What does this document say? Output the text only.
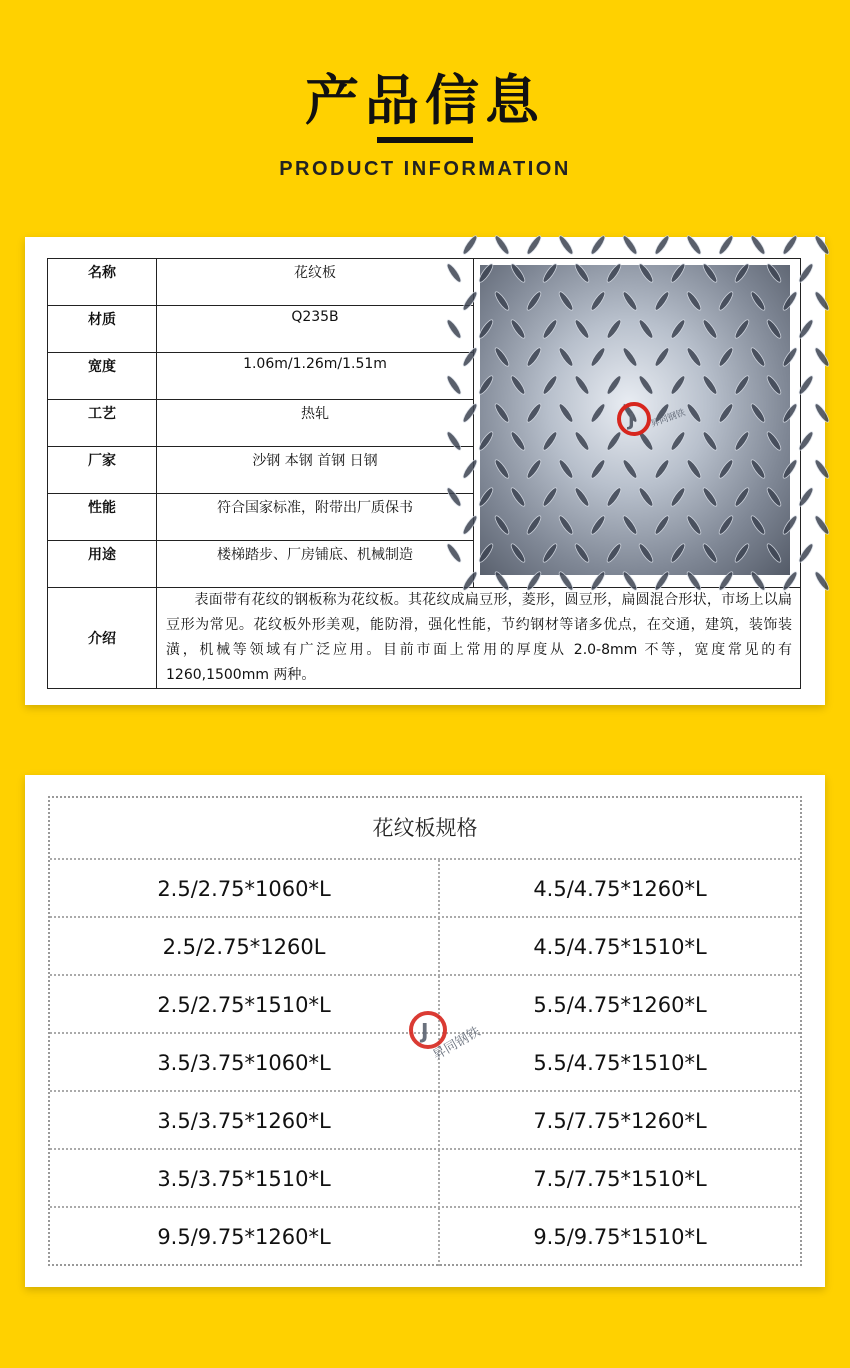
产品信息
PRODUCT INFORMATION
名称	花纹板	J 昇同钢铁

材质	Q235B	
宽度	1.06m/1.26m/1.51m	
工艺	热轧	
厂家	沙钢 本钢 首钢 日钢	
性能	符合国家标准，附带出厂质保书	
用途	楼梯踏步、厂房铺底、机械制造	
介绍	　　表面带有花纹的钢板称为花纹板。其花纹成扁豆形，菱形，圆豆形，扁圆混合形状，市场上以扁豆形为常见。花纹板外形美观，能防滑，强化性能，节约钢材等诸多优点，在交通，建筑，装饰装潢，机械等领域有广泛应用。目前市面上常用的厚度从 2.0-8mm 不等，宽度常见的有 1260,1500mm 两种。	
花纹板规格
2.5/2.75*1060*L	4.5/4.75*1260*L
2.5/2.75*1260L	4.5/4.75*1510*L
2.5/2.75*1510*L	5.5/4.75*1260*L
3.5/3.75*1060*L	5.5/4.75*1510*L
3.5/3.75*1260*L	7.5/7.75*1260*L
3.5/3.75*1510*L	7.5/7.75*1510*L
9.5/9.75*1260*L	9.5/9.75*1510*L
J 昇同钢铁
